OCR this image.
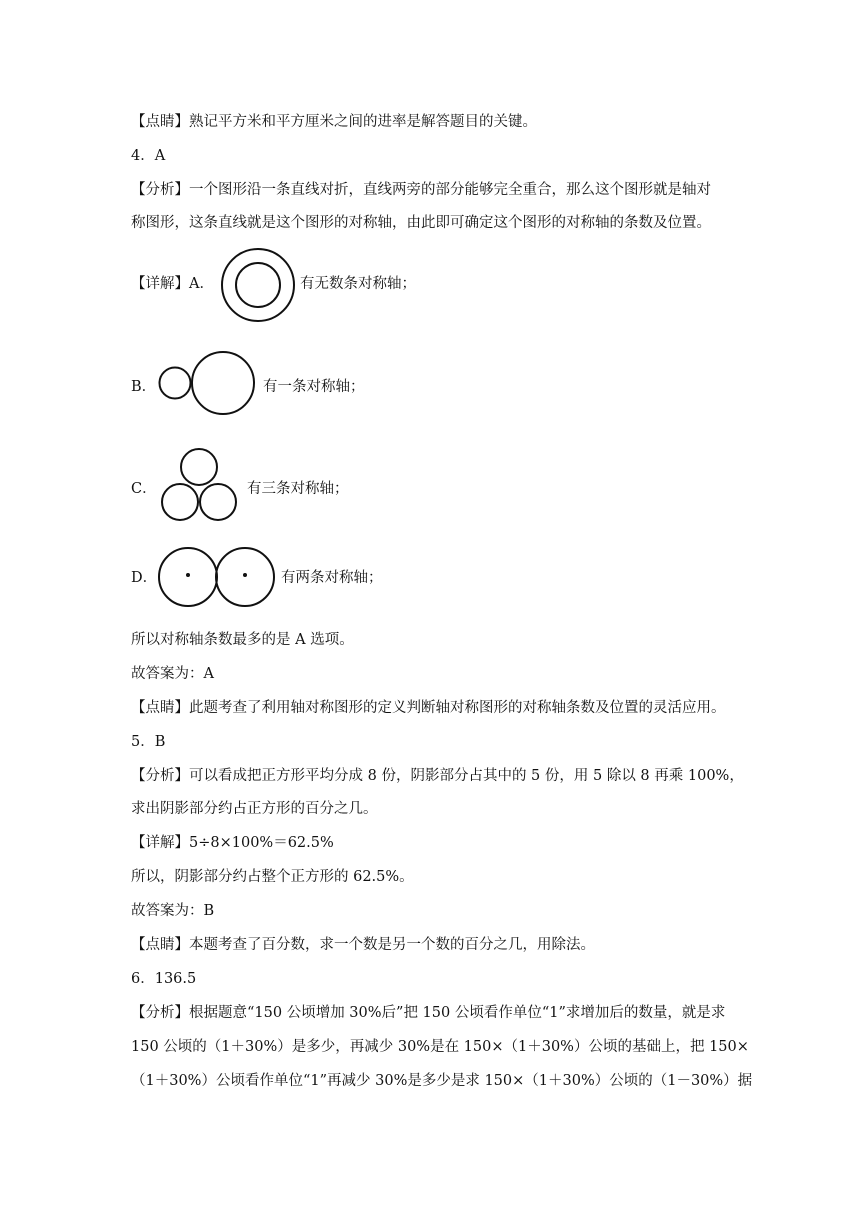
【点睛】熟记平方米和平方厘米之间的进率是解答题目的关键。
4．A
【分析】一个图形沿一条直线对折，直线两旁的部分能够完全重合，那么这个图形就是轴对
称图形，这条直线就是这个图形的对称轴，由此即可确定这个图形的对称轴的条数及位置。
【详解】A．	有无数条对称轴；
B．	有一条对称轴；
C．	有三条对称轴；
D．	有两条对称轴；
所以对称轴条数最多的是 A 选项。
故答案为：A
【点睛】此题考查了利用轴对称图形的定义判断轴对称图形的对称轴条数及位置的灵活应用。
5．B
【分析】可以看成把正方形平均分成 8 份，阴影部分占其中的 5 份，用 5 除以 8 再乘 100%，
求出阴影部分约占正方形的百分之几。
【详解】5÷8×100%＝62.5%
所以，阴影部分约占整个正方形的 62.5%。
故答案为：B
【点睛】本题考查了百分数，求一个数是另一个数的百分之几，用除法。
6．136.5
【分析】根据题意“150 公顷增加 30%后”把 150 公顷看作单位“1”求增加后的数量，就是求
150 公顷的（1＋30%）是多少，再减少 30%是在 150×（1＋30%）公顷的基础上，把 150×
（1＋30%）公顷看作单位“1”再减少 30%是多少是求 150×（1＋30%）公顷的（1－30%）据
